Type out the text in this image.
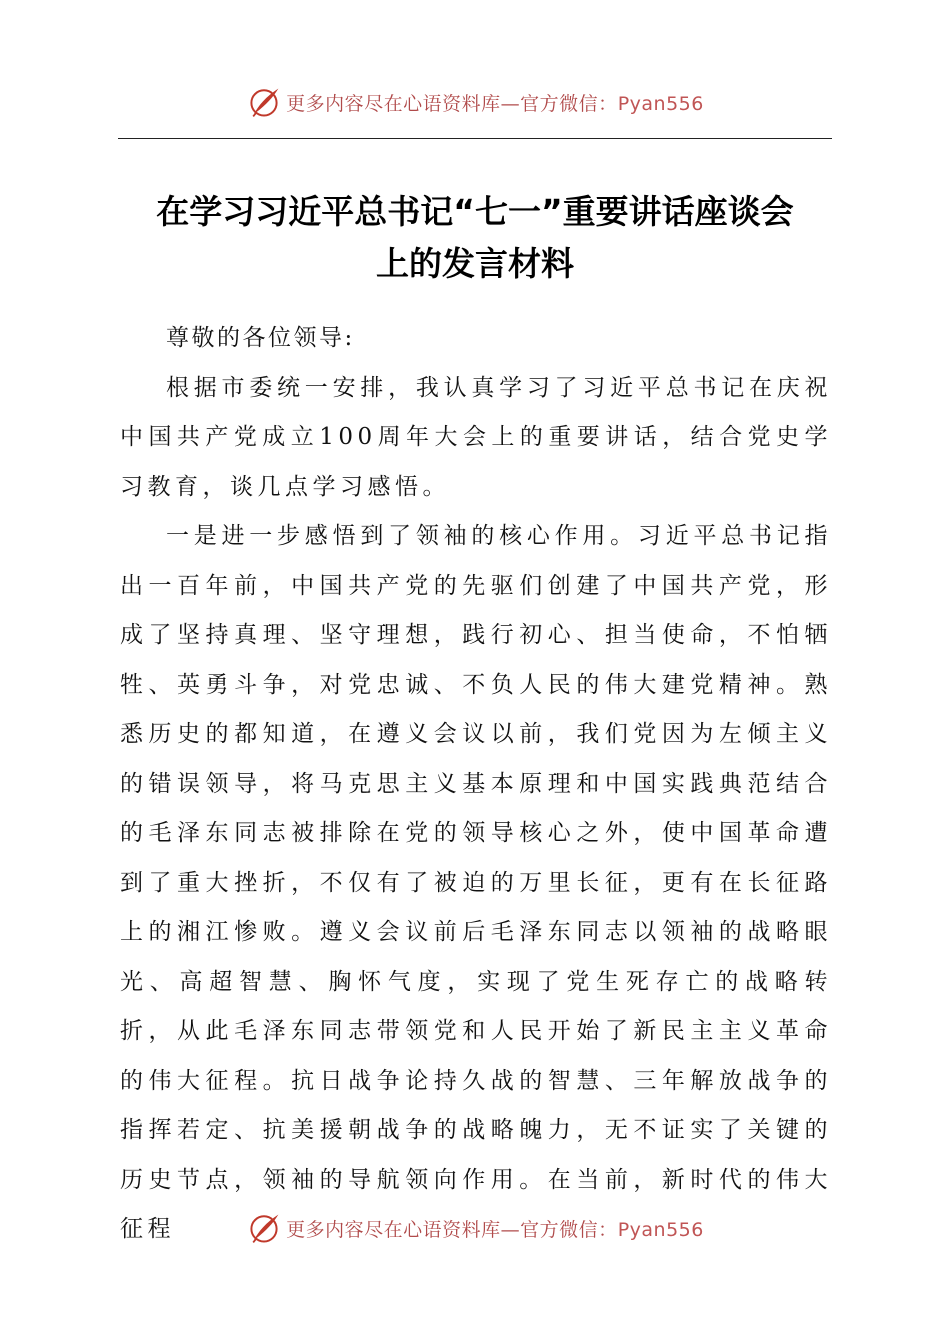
更多内容尽在心语资料库—官方微信：Pyan556
在学习习近平总书记“七一”重要讲话座谈会
上的发言材料

尊敬的各位领导:

根据市委统一安排，我认真学习了习近平总书记在庆祝中国共产党成立100周年大会上的重要讲话，结合党史学习教育，谈几点学习感悟。

一是进一步感悟到了领袖的核心作用。习近平总书记指出一百年前，中国共产党的先驱们创建了中国共产党，形成了坚持真理、坚守理想，践行初心、担当使命，不怕牺牲、英勇斗争，对党忠诚、不负人民的伟大建党精神。熟悉历史的都知道，在遵义会议以前，我们党因为左倾主义的错误领导，将马克思主义基本原理和中国实践典范结合的毛泽东同志被排除在党的领导核心之外，使中国革命遭到了重大挫折，不仅有了被迫的万里长征，更有在长征路上的湘江惨败。遵义会议前后毛泽东同志以领袖的战略眼光、高超智慧、胸怀气度，实现了党生死存亡的战略转折，从此毛泽东同志带领党和人民开始了新民主主义革命的伟大征程。抗日战争论持久战的智慧、三年解放战争的指挥若定、抗美援朝战争的战略魄力，无不证实了关键的历史节点，领袖的导航领向作用。在当前，新时代的伟大征程	更多内容尽在心语资料库—官方微信：Pyan556
